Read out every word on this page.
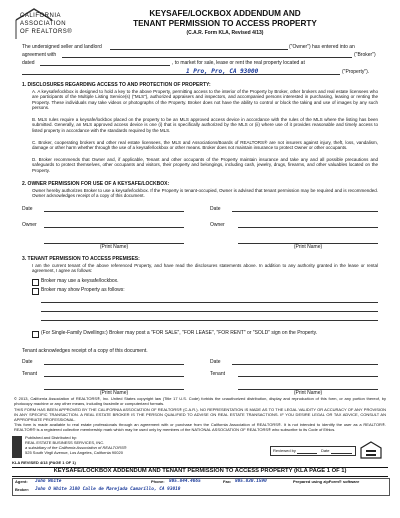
CALIFORNIA
ASSOCIATION
OF REALTORS®
KEYSAFE/LOCKBOX ADDENDUM AND
TENANT PERMISSION TO ACCESS PROPERTY
(C.A.R. Form KLA, Revised 4/13)
The undersigned seller and landlord	("Owner") has entered into an
agreement with	("Broker")
dated	, to market for sale, lease or rent the real property located at
1 Pro, Pro, CA 93000	("Property").
1. DISCLOSURES REGARDING ACCESS TO AND PROTECTION OF PROPERTY:
A. A keysafe/lockbox is designed to hold a key to the above Property, permitting access to the interior of the Property by Broker, other brokers and real estate licensees who are participants of the Multiple Listing Service(s) ("MLS"), authorized appraisers and inspectors, and accompanied persons interested in purchasing, leasing or renting the Property. These individuals may take videos or photographs of the Property. Broker does not have the ability to control or block the taking and use of images by any such persons.
B. MLS rules require a keysafe/lockbox placed on the property to be an MLS approved access device in accordance with the rules of the MLS where the listing has been submitted. Generally, an MLS approved access device is one (i) that is specifically authorized by the MLS or (ii) where use of it provides reasonable and timely access to listed property in accordance with the standards required by the MLS.
C. Broker, cooperating brokers and other real estate licensees, the MLS and Associations/Boards of REALTORS® are not insurers against injury, theft, loss, vandalism, damage or other harm whether through the use of a keysafe/lockbox or other means. Broker does not maintain insurance to protect Owner or other occupants.
D. Broker recommends that Owner and, if applicable, Tenant and other occupants of the Property maintain insurance and take any and all possible precautions and safeguards to protect themselves, other occupants and visitors, their property and belongings, including cash, jewelry, drugs, firearms, and other valuables located on the Property.
2. OWNER PERMISSION FOR USE OF A KEYSAFE/LOCKBOX:
Owner hereby authorizes Broker to use a keysafe/lockbox. If the Property is tenant-occupied, Owner is advised that tenant permission may be required and is recommended. Owner acknowledges receipt of a copy of this document.
Date	Date
Owner	Owner
(Print Name)	(Print Name)
3. TENANT PERMISSION TO ACCESS PREMISES:
I am the current tenant of the above referenced Property, and have read the disclosures statements above. In addition to any authority granted in the lease or rental agreement, I agree as follows:
Broker may use a keysafe/lockbox.
Broker may show Property as follows:
(For Single-Family Dwellings:) Broker may post a "FOR SALE", "FOR LEASE", "FOR RENT" or "SOLD" sign on the Property.
Tenant acknowledges receipt of a copy of this document.
Date	Date
Tenant	Tenant
(Print Name)	(Print Name)
© 2013, California Association of REALTORS®, Inc. United States copyright law (Title 17 U.S. Code) forbids the unauthorized distribution, display and reproduction of this form, or any portion thereof, by photocopy machine or any other means, including facsimile or computerized formats.
THIS FORM HAS BEEN APPROVED BY THE CALIFORNIA ASSOCIATION OF REALTORS® (C.A.R.). NO REPRESENTATION IS MADE AS TO THE LEGAL VALIDITY OR ACCURACY OF ANY PROVISION IN ANY SPECIFIC TRANSACTION. A REAL ESTATE BROKER IS THE PERSON QUALIFIED TO ADVISE ON REAL ESTATE TRANSACTIONS. IF YOU DESIRE LEGAL OR TAX ADVICE, CONSULT AN APPROPRIATE PROFESSIONAL.
This form is made available to real estate professionals through an agreement with or purchase from the California Association of REALTORS®. It is not intended to identify the user as a REALTOR®. REALTOR® is a registered collective membership mark which may be used only by members of the NATIONAL ASSOCIATION OF REALTORS® who subscribe to its Code of Ethics.
Published and Distributed by:
REAL ESTATE BUSINESS SERVICES, INC.
a subsidiary of the California Association of REALTORS®
525 South Virgil Avenue, Los Angeles, California 90020	Reviewed by	Date
KLA REVISED 4/13 (PAGE 1 OF 1)
KEYSAFE/LOCKBOX ADDENDUM AND TENANT PERMISSION TO ACCESS PROPERTY (KLA PAGE 1 OF 1)
Agent: John White	Phone: 805.844.4665	Fax: 805.830.1590	Prepared using zipForm® software
Broker: John O White 3180 Calle de Marejada Camarillo, CA 93010
